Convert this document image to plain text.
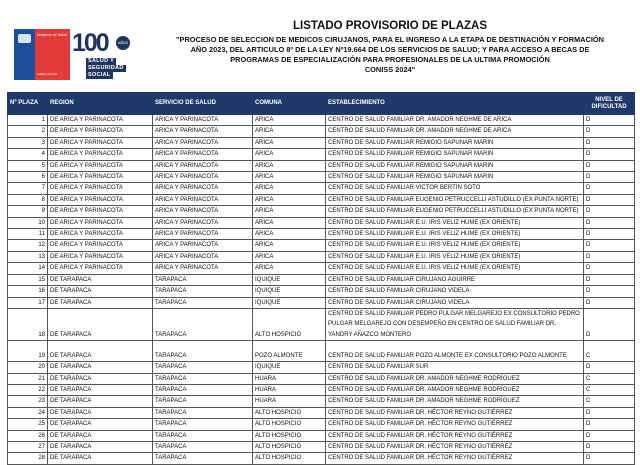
Ministerio de Salud
Gobierno de Chile
100	AÑOS
SALUD Y
SEGURIDAD
SOCIAL
LISTADO PROVISORIO DE PLAZAS

"PROCESO DE SELECCION DE MEDICOS CIRUJANOS, PARA EL INGRESO A LA ETAPA DE DESTINACIÓN Y FORMACIÓN

AÑO 2023, DEL ARTICULO 8º DE LA LEY Nº19.664 DE LOS SERVICIOS DE SALUD; Y PARA ACCESO A BECAS DE

PROGRAMAS DE ESPECIALIZACIÓN PARA PROFESIONALES DE LA ULTIMA PROMOCIÓN

CONISS 2024"

Nº PLAZA	REGION	SERVICIO DE SALUD	COMUNA	ESTABLECIMIENTO	NIVEL DE DIFICULTAD
1	DE ARICA Y PARINACOTA	ARICA Y PARINACOTA	ARICA	CENTRO DE SALUD FAMILIAR DR. AMADOR NEGHME DE ARICA	D
2	DE ARICA Y PARINACOTA	ARICA Y PARINACOTA	ARICA	CENTRO DE SALUD FAMILIAR DR. AMADOR NEGHME DE ARICA	D
3	DE ARICA Y PARINACOTA	ARICA Y PARINACOTA	ARICA	CENTRO DE SALUD FAMILIAR REMIGIO SAPUNAR MARIN	D
4	DE ARICA Y PARINACOTA	ARICA Y PARINACOTA	ARICA	CENTRO DE SALUD FAMILIAR REMIGIO SAPUNAR MARIN	D
5	DE ARICA Y PARINACOTA	ARICA Y PARINACOTA	ARICA	CENTRO DE SALUD FAMILIAR REMIGIO SAPUNAR MARIN	D
6	DE ARICA Y PARINACOTA	ARICA Y PARINACOTA	ARICA	CENTRO DE SALUD FAMILIAR REMIGIO SAPUNAR MARIN	D
7	DE ARICA Y PARINACOTA	ARICA Y PARINACOTA	ARICA	CENTRO DE SALUD FAMILIAR VICTOR BERTIN SOTO	D
8	DE ARICA Y PARINACOTA	ARICA Y PARINACOTA	ARICA	CENTRO DE SALUD FAMILIAR EUGENIO PETRUCCELLI ASTUDILLO (EX PUNTA NORTE)	D
9	DE ARICA Y PARINACOTA	ARICA Y PARINACOTA	ARICA	CENTRO DE SALUD FAMILIAR EUGENIO PETRUCCELLI ASTUDILLO (EX PUNTA NORTE)	D
10	DE ARICA Y PARINACOTA	ARICA Y PARINACOTA	ARICA	CENTRO DE SALUD FAMILIAR E.U. IRIS VELIZ HUME (EX ORIENTE)	D
11	DE ARICA Y PARINACOTA	ARICA Y PARINACOTA	ARICA	CENTRO DE SALUD FAMILIAR E.U. IRIS VELIZ HUME (EX ORIENTE)	D
12	DE ARICA Y PARINACOTA	ARICA Y PARINACOTA	ARICA	CENTRO DE SALUD FAMILIAR E.U. IRIS VELIZ HUME (EX ORIENTE)	D
13	DE ARICA Y PARINACOTA	ARICA Y PARINACOTA	ARICA	CENTRO DE SALUD FAMILIAR E.U. IRIS VELIZ HUME (EX ORIENTE)	D
14	DE ARICA Y PARINACOTA	ARICA Y PARINACOTA	ARICA	CENTRO DE SALUD FAMILIAR E.U. IRIS VELIZ HUME (EX ORIENTE)	D
15	DE TARAPACA	TARAPACA	IQUIQUE	CENTRO DE SALUD FAMILIAR CIRUJANO AGUIRRE	D
16	DE TARAPACA	TARAPACA	IQUIQUE	CENTRO DE SALUD FAMILIAR CIRUJANO VIDELA	D
17	DE TARAPACA	TARAPACA	IQUIQUE	CENTRO DE SALUD FAMILIAR CIRUJANO VIDELA	D
18	DE TARAPACA	TARAPACA	ALTO HOSPICIO	CENTRO DE SALUD FAMILIAR PEDRO PULGAR MELGAREJO EX CONSULTORIO PEDRO PULGAR MELGAREJO CON DESEMPEÑO EN CENTRO DE SALUD FAMILIAR DR. YANDRY AÑAZCO MONTERO	D
19	DE TARAPACA	TARAPACA	POZO ALMONTE	CENTRO DE SALUD FAMILIAR POZO ALMONTE EX CONSULTORIO POZO ALMONTE	C
20	DE TARAPACA	TARAPACA	IQUIQUE	CENTRO DE SALUD FAMILIAR SUR	D
21	DE TARAPACA	TARAPACA	HUARA	CENTRO DE SALUD FAMILIAR DR. AMADOR NEGHME RODRÍGUEZ	C
22	DE TARAPACA	TARAPACA	HUARA	CENTRO DE SALUD FAMILIAR DR. AMADOR NEGHME RODRÍGUEZ	C
23	DE TARAPACA	TARAPACA	HUARA	CENTRO DE SALUD FAMILIAR DR. AMADOR NEGHME RODRÍGUEZ	C
24	DE TARAPACA	TARAPACA	ALTO HOSPICIO	CENTRO DE SALUD FAMILIAR DR. HÉCTOR REYNO GUTIÉRREZ	D
25	DE TARAPACA	TARAPACA	ALTO HOSPICIO	CENTRO DE SALUD FAMILIAR DR. HÉCTOR REYNO GUTIÉRREZ	D
26	DE TARAPACA	TARAPACA	ALTO HOSPICIO	CENTRO DE SALUD FAMILIAR DR. HÉCTOR REYNO GUTIÉRREZ	D
27	DE TARAPACA	TARAPACA	ALTO HOSPICIO	CENTRO DE SALUD FAMILIAR DR. HÉCTOR REYNO GUTIÉRREZ	D
28	DE TARAPACA	TARAPACA	ALTO HOSPICIO	CENTRO DE SALUD FAMILIAR DR. HÉCTOR REYNO GUTIÉRREZ	D
